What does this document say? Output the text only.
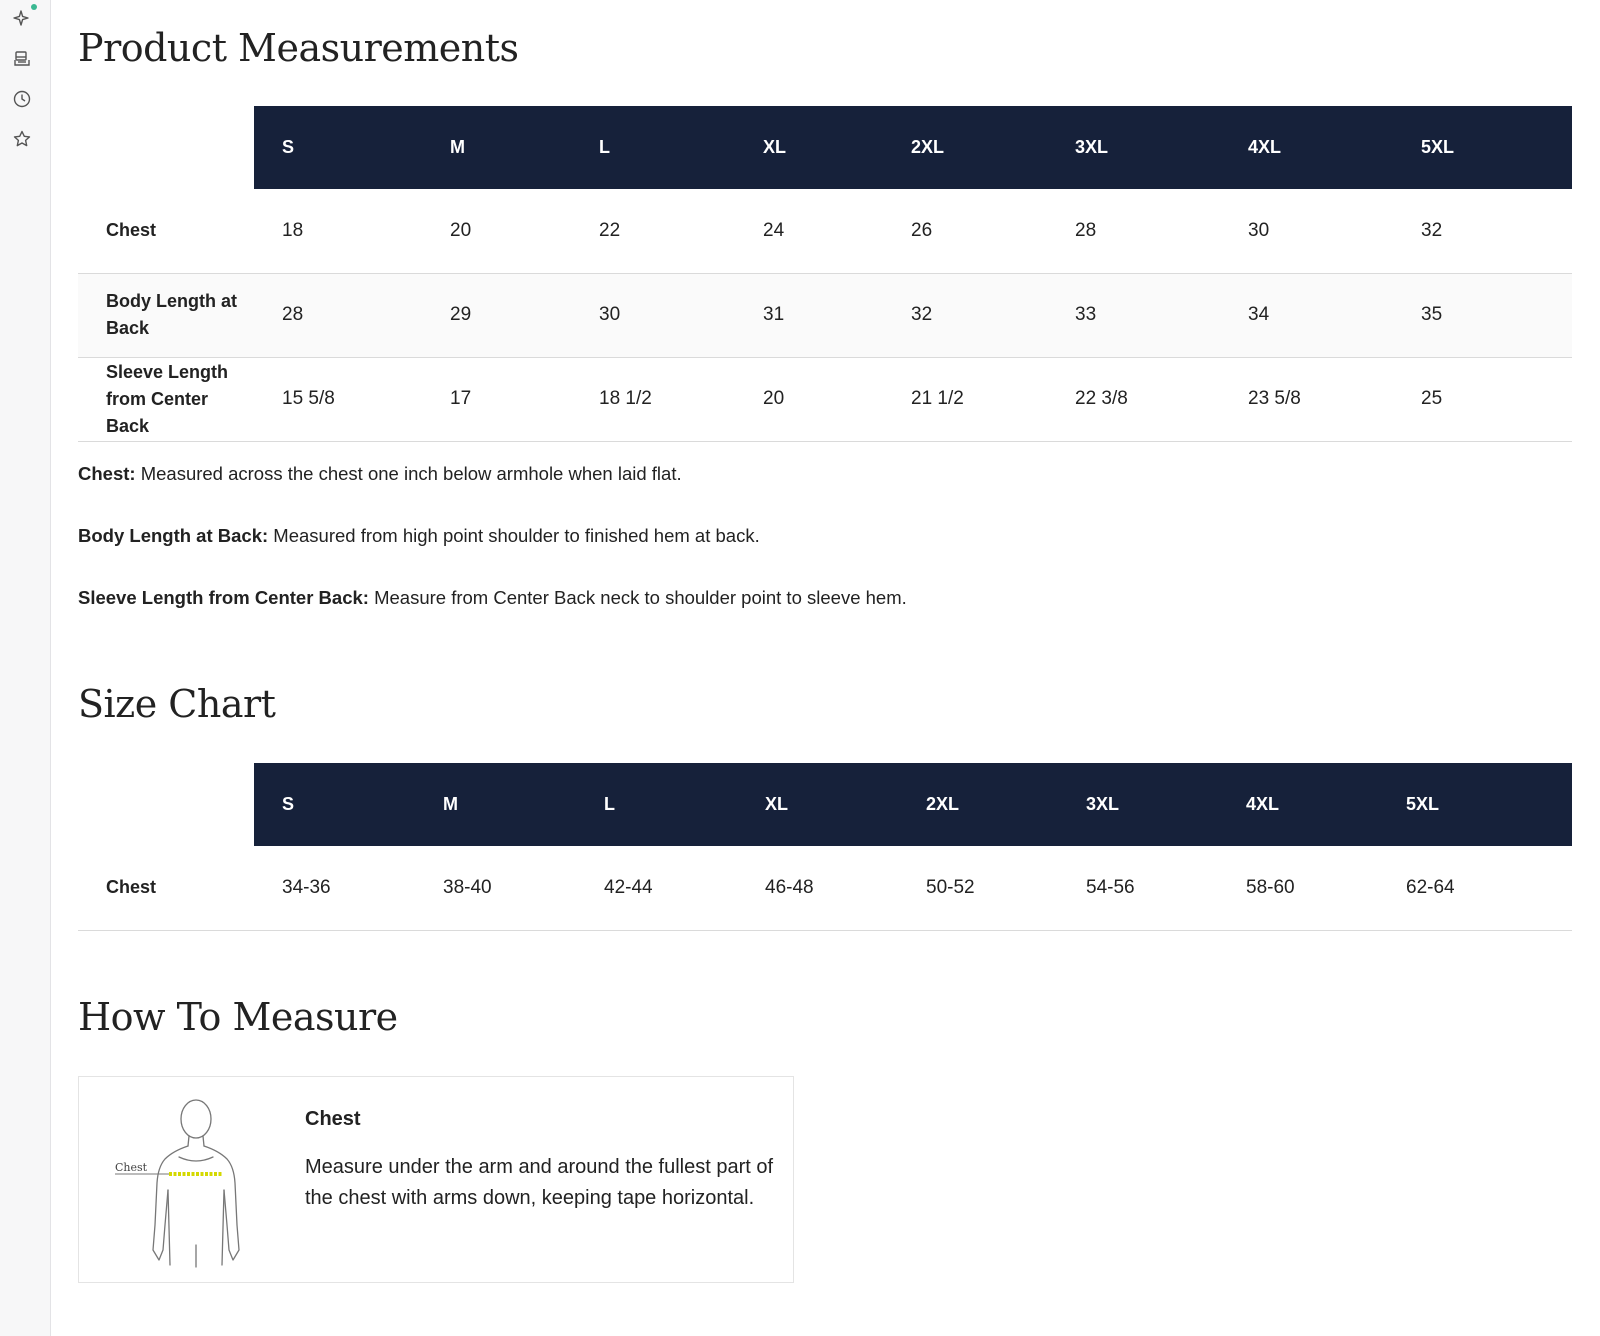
Product Measurements
	S	M	L	XL	2XL	3XL	4XL	5XL
Chest	18	20	22	24	26	28	30	32
Body Length at Back	28	29	30	31	32	33	34	35
Sleeve Length from Center Back	15 5/8	17	18 1/2	20	21 1/2	22 3/8	23 5/8	25

Chest: Measured across the chest one inch below armhole when laid flat.

Body Length at Back: Measured from high point shoulder to finished hem at back.

Sleeve Length from Center Back: Measure from Center Back neck to shoulder point to sleeve hem.

Size Chart
	S	M	L	XL	2XL	3XL	4XL	5XL
Chest	34-36	38-40	42-44	46-48	50-52	54-56	58-60	62-64
How To Measure
Chest
Chest
Measure under the arm and around the fullest part of the chest with arms down, keeping tape horizontal.
